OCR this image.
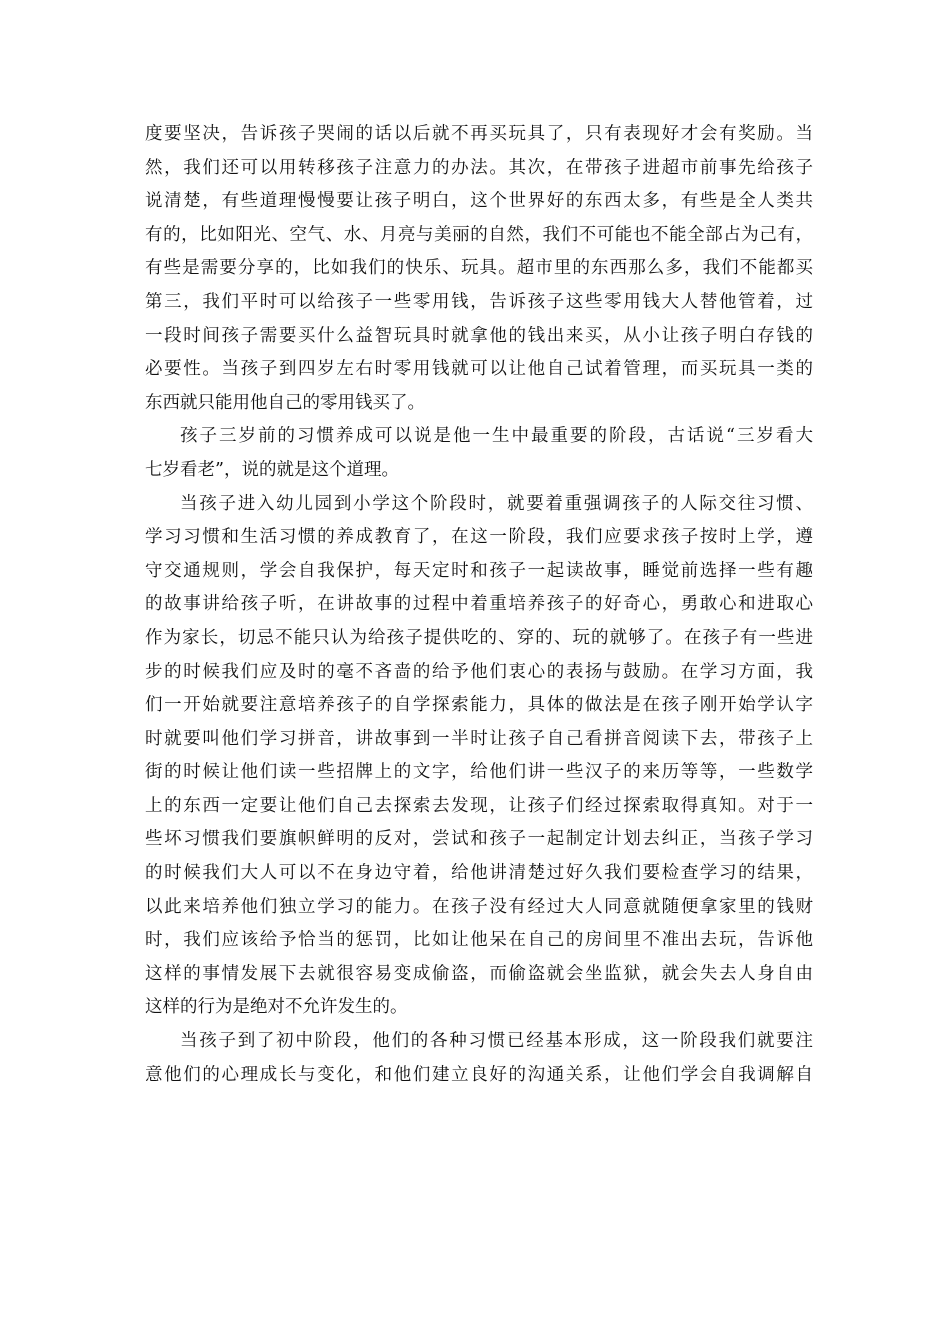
度要坚决，告诉孩子哭闹的话以后就不再买玩具了，只有表现好才会有奖励。当
然，我们还可以用转移孩子注意力的办法。其次，在带孩子进超市前事先给孩子
说清楚，有些道理慢慢要让孩子明白，这个世界好的东西太多，有些是全人类共
有的，比如阳光、空气、水、月亮与美丽的自然，我们不可能也不能全部占为己有，
有些是需要分享的，比如我们的快乐、玩具。超市里的东西那么多，我们不能都买
第三，我们平时可以给孩子一些零用钱，告诉孩子这些零用钱大人替他管着，过
一段时间孩子需要买什么益智玩具时就拿他的钱出来买，从小让孩子明白存钱的
必要性。当孩子到四岁左右时零用钱就可以让他自己试着管理，而买玩具一类的
东西就只能用他自己的零用钱买了。
孩子三岁前的习惯养成可以说是他一生中最重要的阶段，古话说“三岁看大
七岁看老”，说的就是这个道理。
当孩子进入幼儿园到小学这个阶段时，就要着重强调孩子的人际交往习惯、
学习习惯和生活习惯的养成教育了，在这一阶段，我们应要求孩子按时上学，遵
守交通规则，学会自我保护，每天定时和孩子一起读故事，睡觉前选择一些有趣
的故事讲给孩子听，在讲故事的过程中着重培养孩子的好奇心，勇敢心和进取心
作为家长，切忌不能只认为给孩子提供吃的、穿的、玩的就够了。在孩子有一些进
步的时候我们应及时的毫不吝啬的给予他们衷心的表扬与鼓励。在学习方面，我
们一开始就要注意培养孩子的自学探索能力，具体的做法是在孩子刚开始学认字
时就要叫他们学习拼音，讲故事到一半时让孩子自己看拼音阅读下去，带孩子上
街的时候让他们读一些招牌上的文字，给他们讲一些汉子的来历等等，一些数学
上的东西一定要让他们自己去探索去发现，让孩子们经过探索取得真知。对于一
些坏习惯我们要旗帜鲜明的反对，尝试和孩子一起制定计划去纠正，当孩子学习
的时候我们大人可以不在身边守着，给他讲清楚过好久我们要检查学习的结果，
以此来培养他们独立学习的能力。在孩子没有经过大人同意就随便拿家里的钱财
时，我们应该给予恰当的惩罚，比如让他呆在自己的房间里不准出去玩，告诉他
这样的事情发展下去就很容易变成偷盗，而偷盗就会坐监狱，就会失去人身自由
这样的行为是绝对不允许发生的。
当孩子到了初中阶段，他们的各种习惯已经基本形成，这一阶段我们就要注
意他们的心理成长与变化，和他们建立良好的沟通关系，让他们学会自我调解自
